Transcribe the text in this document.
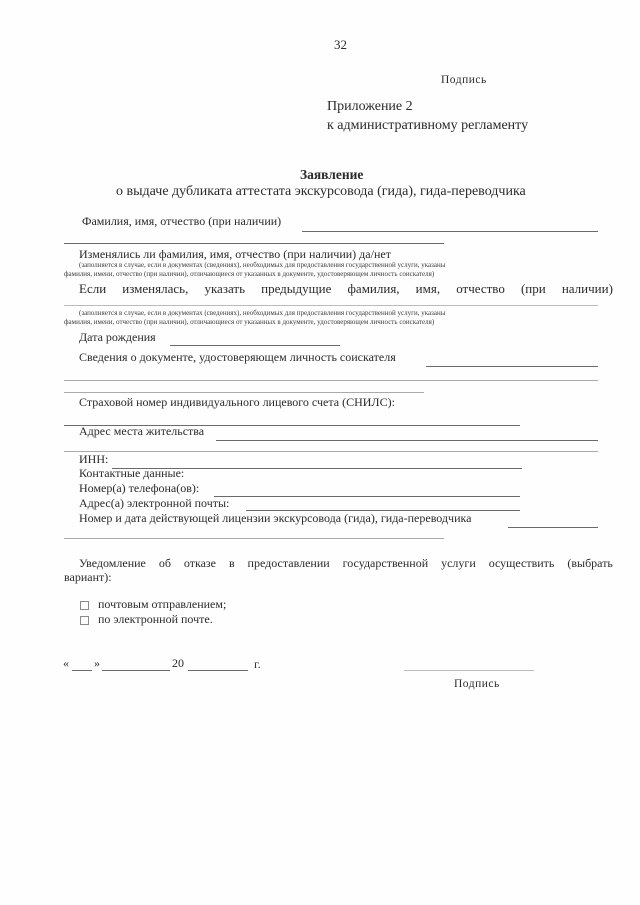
32
Подпись
Приложение 2
к административному регламенту
Заявление
о выдаче дубликата аттестата экскурсовода (гида), гида-переводчика
Фамилия, имя, отчество (при наличии)
Изменялись ли фамилия, имя, отчество (при наличии) да/нет
(заполняется в случае, если в документах (сведениях), необходимых для предоставления государственной услуги, указаны
фамилия, имени, отчество (при наличии), отличающиеся от указанных в документе, удостоверяющем личность соискателя)
Если изменялась, указать предыдущие фамилия, имя, отчество (при наличии)
(заполняется в случае, если в документах (сведениях), необходимых для предоставления государственной услуги, указаны
фамилия, имени, отчество (при наличии), отличающиеся от указанных в документе, удостоверяющем личность соискателя)
Дата рождения
Сведения о документе, удостоверяющем личность соискателя
Страховой номер индивидуального лицевого счета (СНИЛС):
Адрес места жительства
ИНН:
Контактные данные:
Номер(а) телефона(ов):
Адрес(а) электронной почты:
Номер и дата действующей лицензии экскурсовода (гида), гида-переводчика
Уведомление об отказе в предоставлении государственной услуги осуществить (выбрать
вариант):
почтовым отправлением;
по электронной почте.
« »	20	г.
Подпись
